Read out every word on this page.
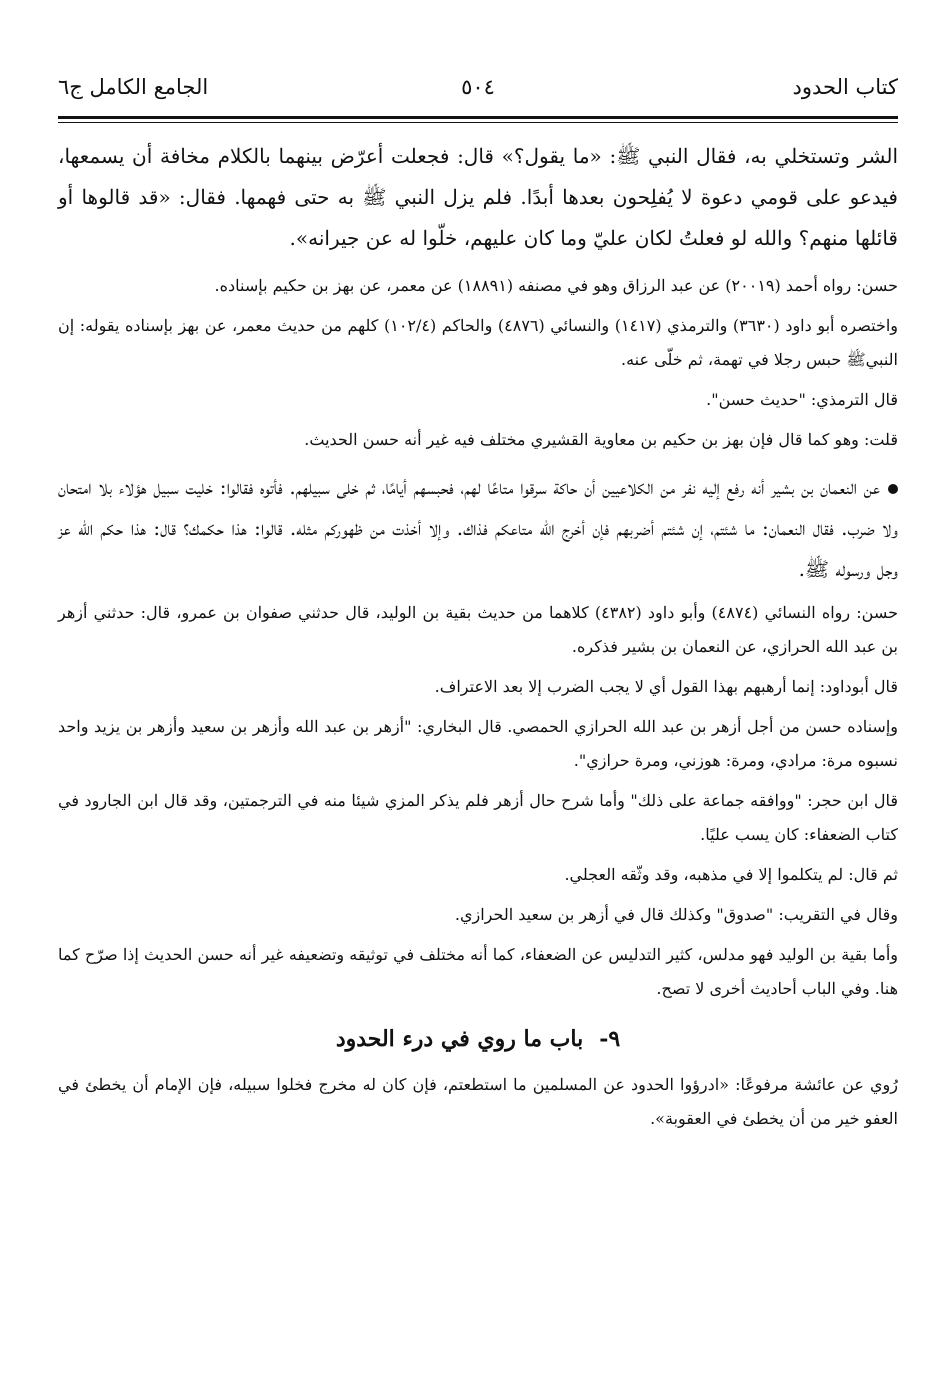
كتاب الحدود
٥٠٤
الجامع الكامل ج٦

الشر وتستخلي به، فقال النبي ﷺ: «ما يقول؟» قال: فجعلت أعرّض بينهما بالكلام مخافة أن يسمعها، فيدعو على قومي دعوة لا يُفلِحون بعدها أبدًا. فلم يزل النبي ﷺ به حتى فهمها. فقال: «قد قالوها أو قائلها منهم؟ والله لو فعلتُ لكان عليّ وما كان عليهم، خلّوا له عن جيرانه».

حسن: رواه أحمد (٢٠٠١٩) عن عبد الرزاق وهو في مصنفه (١٨٨٩١) عن معمر، عن بهز بن حكيم بإسناده.

واختصره أبو داود (٣٦٣٠) والترمذي (١٤١٧) والنسائي (٤٨٧٦) والحاكم (١٠٢/٤) كلهم من حديث معمر، عن بهز بإسناده يقوله: إن النبيﷺ حبس رجلا في تهمة، ثم خلّى عنه.

قال الترمذي: "حديث حسن".

قلت: وهو كما قال فإن بهز بن حكيم بن معاوية القشيري مختلف فيه غير أنه حسن الحديث.

عن النعمان بن بشير أنه رفع إليه نفر من الكلاعيين أن حاكة سرقوا متاعًا لهم، فحبسهم أيامًا، ثم خلى سبيلهم. فأتوه فقالوا: خليت سبيل هؤلاء بلا امتحان ولا ضرب. فقال النعمان: ما شئتم، إن شئتم أضربهم فإن أخرج الله متاعكم فذاك. وإلا أخذت من ظهوركم مثله. قالوا: هذا حكمك؟ قال: هذا حكم الله عز وجل ورسوله ﷺ.

حسن: رواه النسائي (٤٨٧٤) وأبو داود (٤٣٨٢) كلاهما من حديث بقية بن الوليد، قال حدثني صفوان بن عمرو، قال: حدثني أزهر بن عبد الله الحرازي، عن النعمان بن بشير فذكره.

قال أبوداود: إنما أرهبهم بهذا القول أي لا يجب الضرب إلا بعد الاعتراف.

وإسناده حسن من أجل أزهر بن عبد الله الحرازي الحمصي. قال البخاري: "أزهر بن عبد الله وأزهر بن سعيد وأزهر بن يزيد واحد نسبوه مرة: مرادي، ومرة: هوزني، ومرة حرازي".

قال ابن حجر: "ووافقه جماعة على ذلك" وأما شرح حال أزهر فلم يذكر المزي شيئا منه في الترجمتين، وقد قال ابن الجارود في كتاب الضعفاء: كان يسب عليًا.

ثم قال: لم يتكلموا إلا في مذهبه، وقد وثّقه العجلي.

وقال في التقريب: "صدوق" وكذلك قال في أزهر بن سعيد الحرازي.

وأما بقية بن الوليد فهو مدلس، كثير التدليس عن الضعفاء، كما أنه مختلف في توثيقه وتضعيفه غير أنه حسن الحديث إذا صرّح كما هنا. وفي الباب أحاديث أخرى لا تصح.

٩-باب ما روي في درء الحدود

رُوي عن عائشة مرفوعًا: «ادرؤوا الحدود عن المسلمين ما استطعتم، فإن كان له مخرج فخلوا سبيله، فإن الإمام أن يخطئ في العفو خير من أن يخطئ في العقوبة».
